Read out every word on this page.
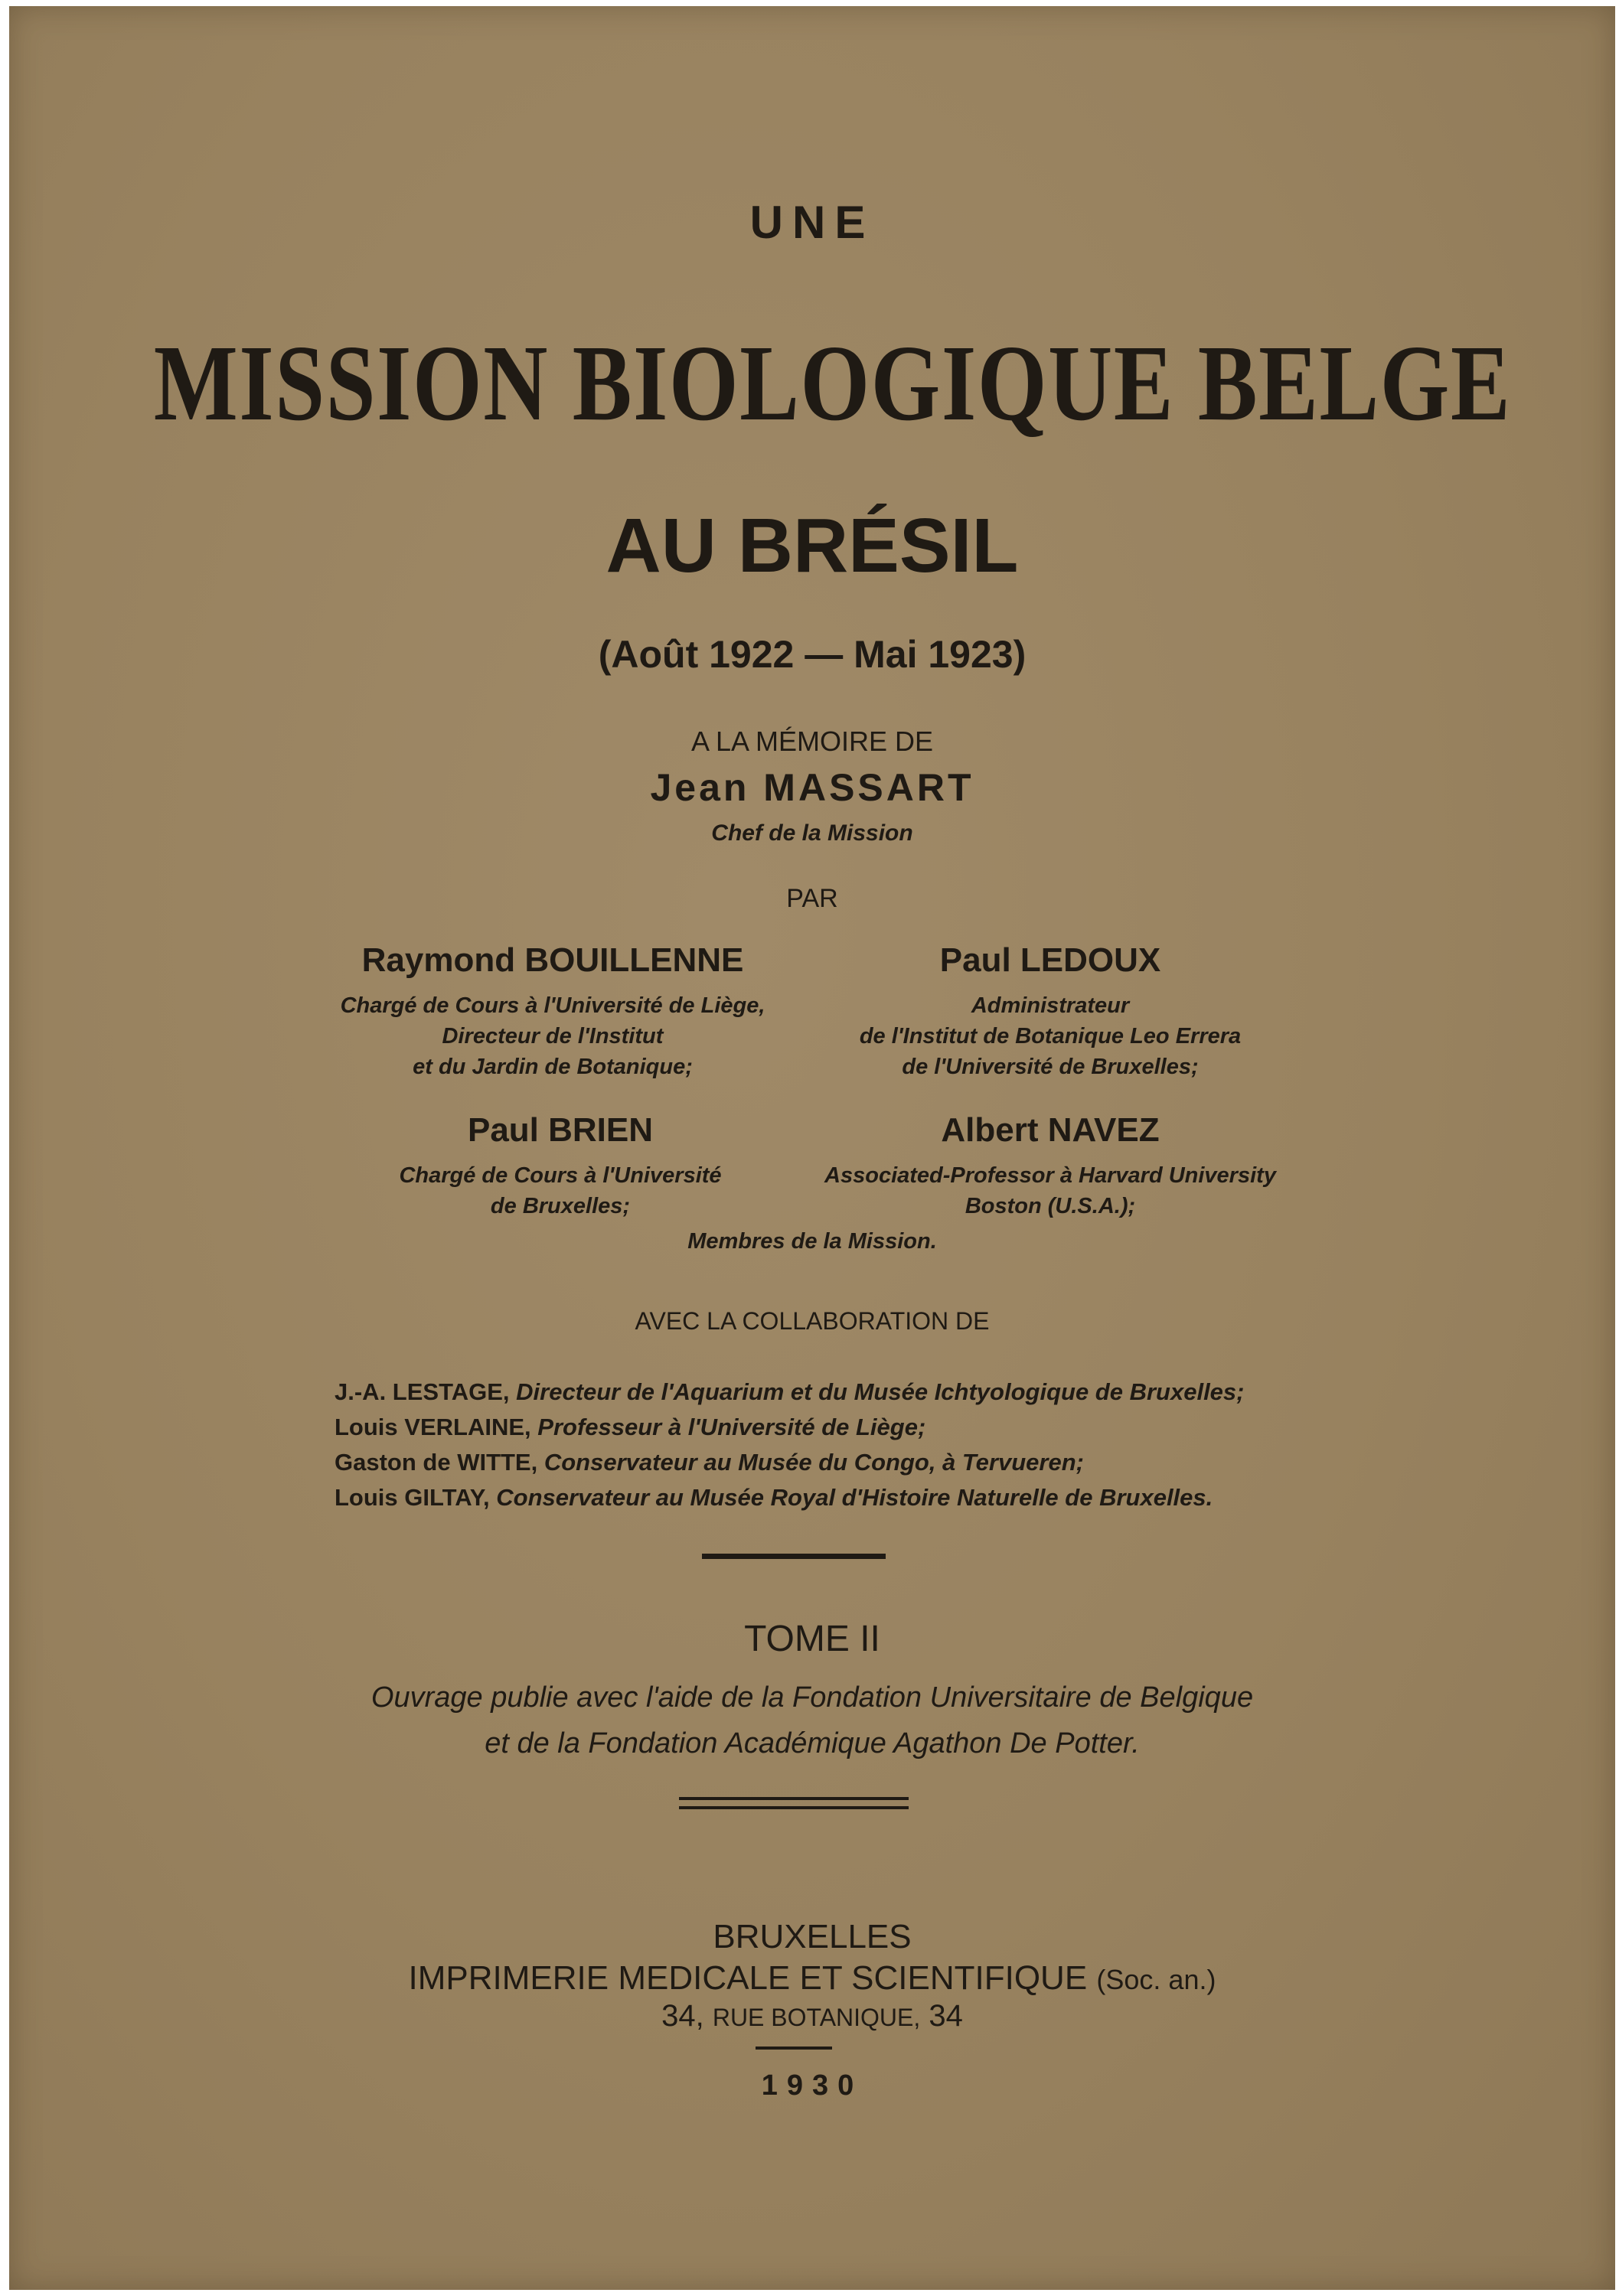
UNE
MISSION BIOLOGIQUE BELGE
AU BRÉSIL
(Août 1922 — Mai 1923)
A LA MÉMOIRE DE
Jean MASSART
Chef de la Mission
PAR
Raymond BOUILLENNE
Chargé de Cours à l'Université de Liège,
Directeur de l'Institut
et du Jardin de Botanique;
Paul LEDOUX
Administrateur
de l'Institut de Botanique Leo Errera
de l'Université de Bruxelles;
Paul BRIEN
Chargé de Cours à l'Université
de Bruxelles;
Albert NAVEZ
Associated-Professor à Harvard University
Boston (U.S.A.);
Membres de la Mission.
AVEC LA COLLABORATION DE
J.-A. LESTAGE, Directeur de l'Aquarium et du Musée Ichtyologique de Bruxelles;
Louis VERLAINE, Professeur à l'Université de Liège;
Gaston de WITTE, Conservateur au Musée du Congo, à Tervueren;
Louis GILTAY, Conservateur au Musée Royal d'Histoire Naturelle de Bruxelles.
TOME II
Ouvrage publie avec l'aide de la Fondation Universitaire de Belgique
et de la Fondation Académique Agathon De Potter.
BRUXELLES
IMPRIMERIE MEDICALE ET SCIENTIFIQUE (Soc. an.)
34, RUE BOTANIQUE, 34
1930
